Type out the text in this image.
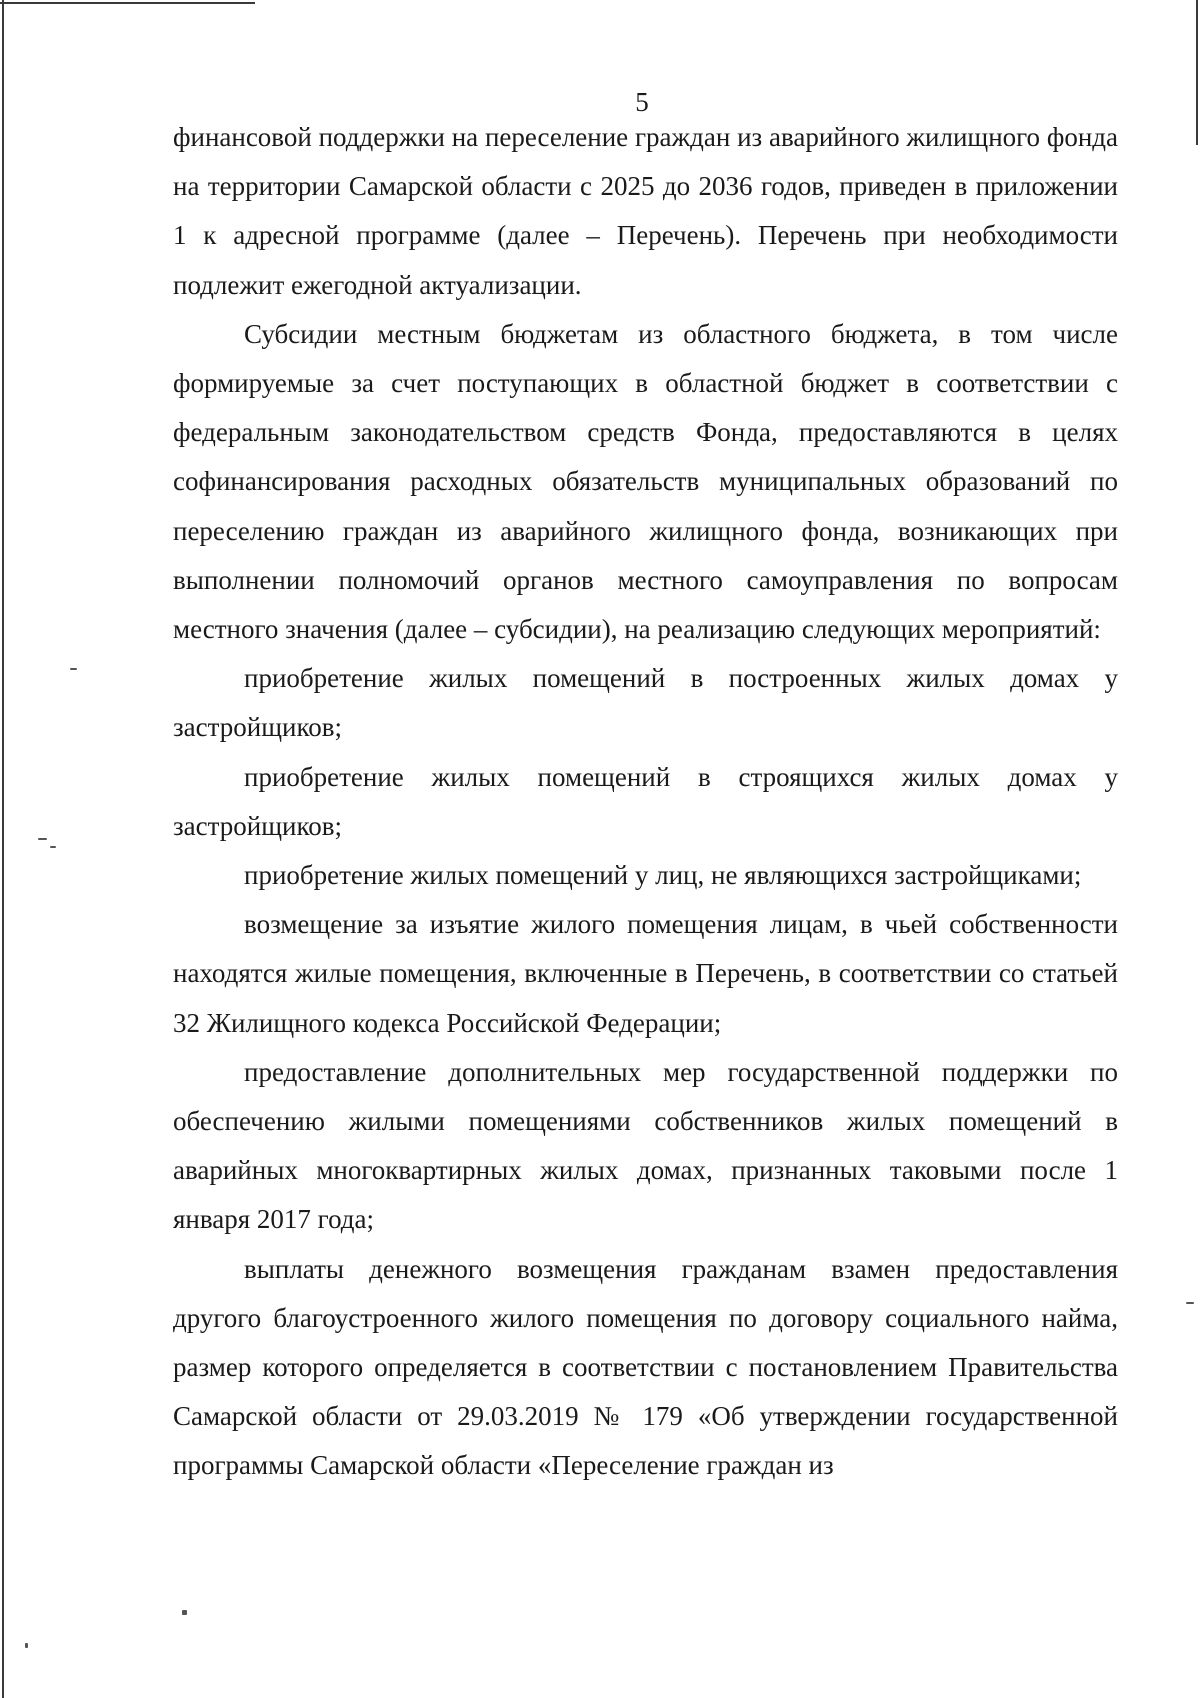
5

финансовой поддержки на переселение граждан из аварийного жилищного фонда на территории Самарской области с 2025 до 2036 годов, приведен в приложении 1 к адресной программе (далее – Перечень). Перечень при необходимости подлежит ежегодной актуализации.

Субсидии местным бюджетам из областного бюджета, в том числе формируемые за счет поступающих в областной бюджет в соответствии с федеральным законодательством средств Фонда, предоставляются в целях софинансирования расходных обязательств муниципальных образований по переселению граждан из аварийного жилищного фонда, возникающих при выполнении полномочий органов местного самоуправления по вопросам местного значения (далее – субсидии), на реализацию следующих мероприятий:

приобретение жилых помещений в построенных жилых домах у застройщиков;

приобретение жилых помещений в строящихся жилых домах у застройщиков;

приобретение жилых помещений у лиц, не являющихся застройщиками;

возмещение за изъятие жилого помещения лицам, в чьей собственности находятся жилые помещения, включенные в Перечень, в соответствии со статьей 32 Жилищного кодекса Российской Федерации;

предоставление дополнительных мер государственной поддержки по обеспечению жилыми помещениями собственников жилых помещений в аварийных многоквартирных жилых домах, признанных таковыми после 1 января 2017 года;

выплаты денежного возмещения гражданам взамен предоставления другого благоустроенного жилого помещения по договору социального найма, размер которого определяется в соответствии с постановлением Правительства Самарской области от 29.03.2019 № 179 «Об утверждении государственной программы Самарской области «Переселение граждан из
